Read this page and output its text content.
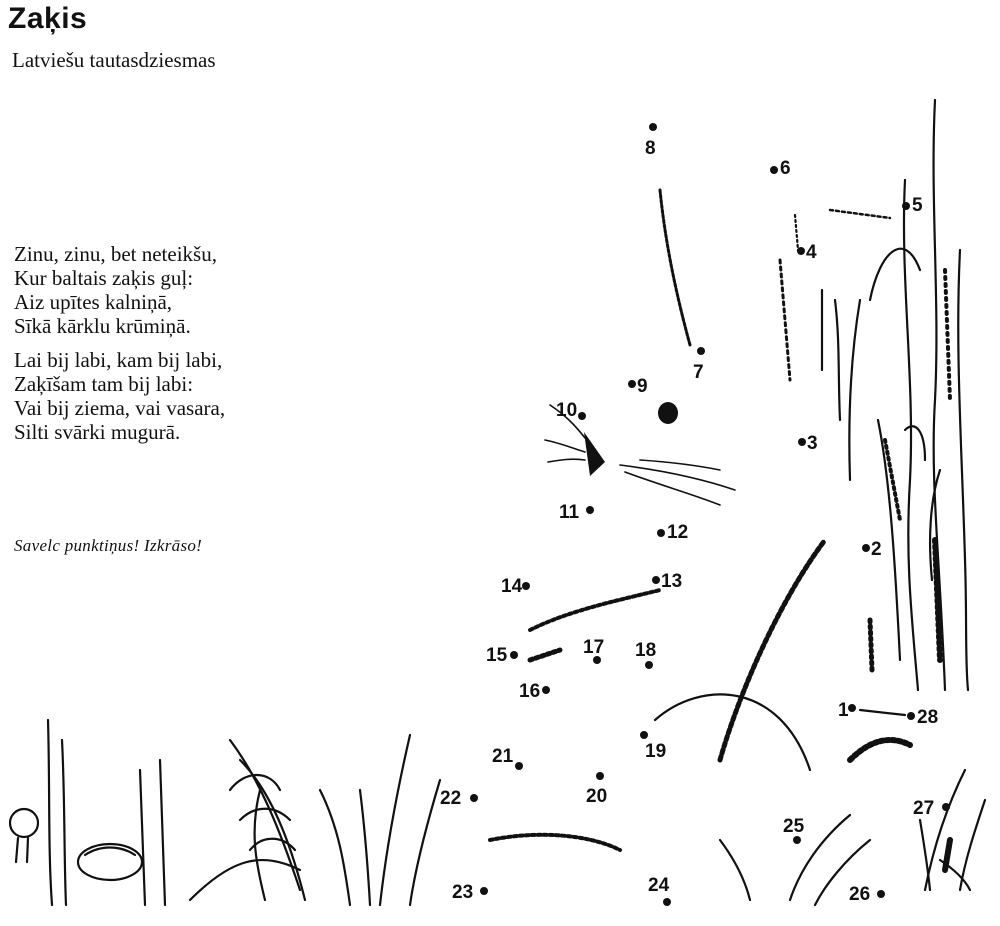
Zaķis
Latviešu tautasdziesmas
Zinu, zinu, bet neteikšu,
Kur baltais zaķis guļ:
Aiz upītes kalniņā,
Sīkā kārklu krūmiņā.
Lai bij labi, kam bij labi,
Zaķīšam tam bij labi:
Vai bij ziema, vai vasara,
Silti svārki mugurā.
Savelc punktiņus! Izkrāso!
1
2
3
4
5
6
7
8
9
10
11
12
13
14
15
16
17 18
19
20
21
22
23	24
25
26
27
28
